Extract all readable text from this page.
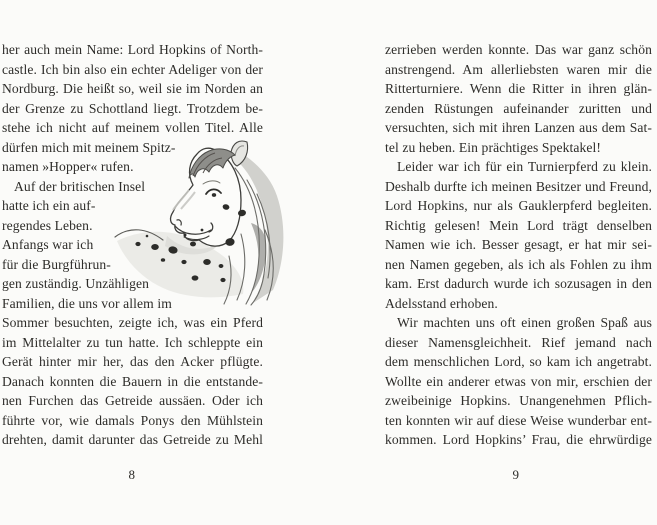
her auch mein Name: Lord Hopkins of North-
castle. Ich bin also ein echter Adeliger von der
Nordburg. Die heißt so, weil sie im Norden an
der Grenze zu Schottland liegt. Trotzdem be-
stehe ich nicht auf meinem vollen Titel. Alle
dürfen mich mit meinem Spitz-
namen »Hopper« rufen.
Auf der britischen Insel
hatte ich ein auf-
regendes Leben.
Anfangs war ich
für die Burgführun-
gen zuständig. Unzähligen
Familien, die uns vor allem im
Sommer besuchten, zeigte ich, was ein Pferd
im Mittelalter zu tun hatte. Ich schleppte ein
Gerät hinter mir her, das den Acker pflügte.
Danach konnten die Bauern in die entstande-
nen Furchen das Getreide aussäen. Oder ich
führte vor, wie damals Ponys den Mühlstein
drehten, damit darunter das Getreide zu Mehl
zerrieben werden konnte. Das war ganz schön
anstrengend. Am allerliebsten waren mir die
Ritterturniere. Wenn die Ritter in ihren glän-
zenden Rüstungen aufeinander zuritten und
versuchten, sich mit ihren Lanzen aus dem Sat-
tel zu heben. Ein prächtiges Spektakel!
Leider war ich für ein Turnierpferd zu klein.
Deshalb durfte ich meinen Besitzer und Freund,
Lord Hopkins, nur als Gauklerpferd begleiten.
Richtig gelesen! Mein Lord trägt denselben
Namen wie ich. Besser gesagt, er hat mir sei-
nen Namen gegeben, als ich als Fohlen zu ihm
kam. Erst dadurch wurde ich sozusagen in den
Adelsstand erhoben.
Wir machten uns oft einen großen Spaß aus
dieser Namensgleichheit. Rief jemand nach
dem menschlichen Lord, so kam ich angetrabt.
Wollte ein anderer etwas von mir, erschien der
zweibeinige Hopkins. Unangenehmen Pflich-
ten konnten wir auf diese Weise wunderbar ent-
kommen. Lord Hopkins’ Frau, die ehrwürdige
8	9
